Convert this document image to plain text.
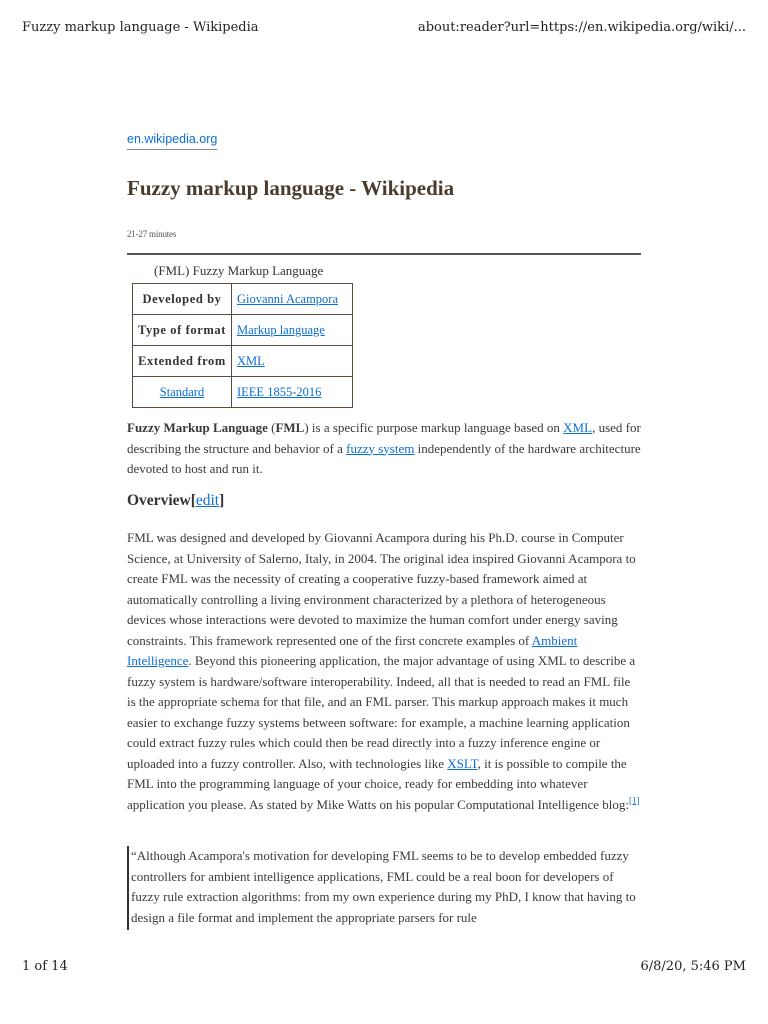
Fuzzy markup language - Wikipedia	about:reader?url=https://en.wikipedia.org/wiki/...
en.wikipedia.org
Fuzzy markup language - Wikipedia
21-27 minutes
(FML) Fuzzy Markup Language
Developed by	Giovanni Acampora
Type of format	Markup language
Extended from	XML
Standard	IEEE 1855-2016

Fuzzy Markup Language (FML) is a specific purpose markup language based on XML, used for describing the structure and behavior of a fuzzy system independently of the hardware architecture devoted to host and run it.

Overview[edit]

FML was designed and developed by Giovanni Acampora during his Ph.D. course in Computer Science, at University of Salerno, Italy, in 2004. The original idea inspired Giovanni Acampora to create FML was the necessity of creating a cooperative fuzzy-based framework aimed at automatically controlling a living environment characterized by a plethora of heterogeneous devices whose interactions were devoted to maximize the human comfort under energy saving constraints. This framework represented one of the first concrete examples of Ambient Intelligence. Beyond this pioneering application, the major advantage of using XML to describe a fuzzy system is hardware/software interoperability. Indeed, all that is needed to read an FML file is the appropriate schema for that file, and an FML parser. This markup approach makes it much easier to exchange fuzzy systems between software: for example, a machine learning application could extract fuzzy rules which could then be read directly into a fuzzy inference engine or uploaded into a fuzzy controller. Also, with technologies like XSLT, it is possible to compile the FML into the programming language of your choice, ready for embedding into whatever application you please. As stated by Mike Watts on his popular Computational Intelligence blog:[1]

“Although Acampora's motivation for developing FML seems to be to develop embedded fuzzy controllers for ambient intelligence applications, FML could be a real boon for developers of fuzzy rule extraction algorithms: from my own experience during my PhD, I know that having to design a file format and implement the appropriate parsers for rule
1 of 14	6/8/20, 5:46 PM
